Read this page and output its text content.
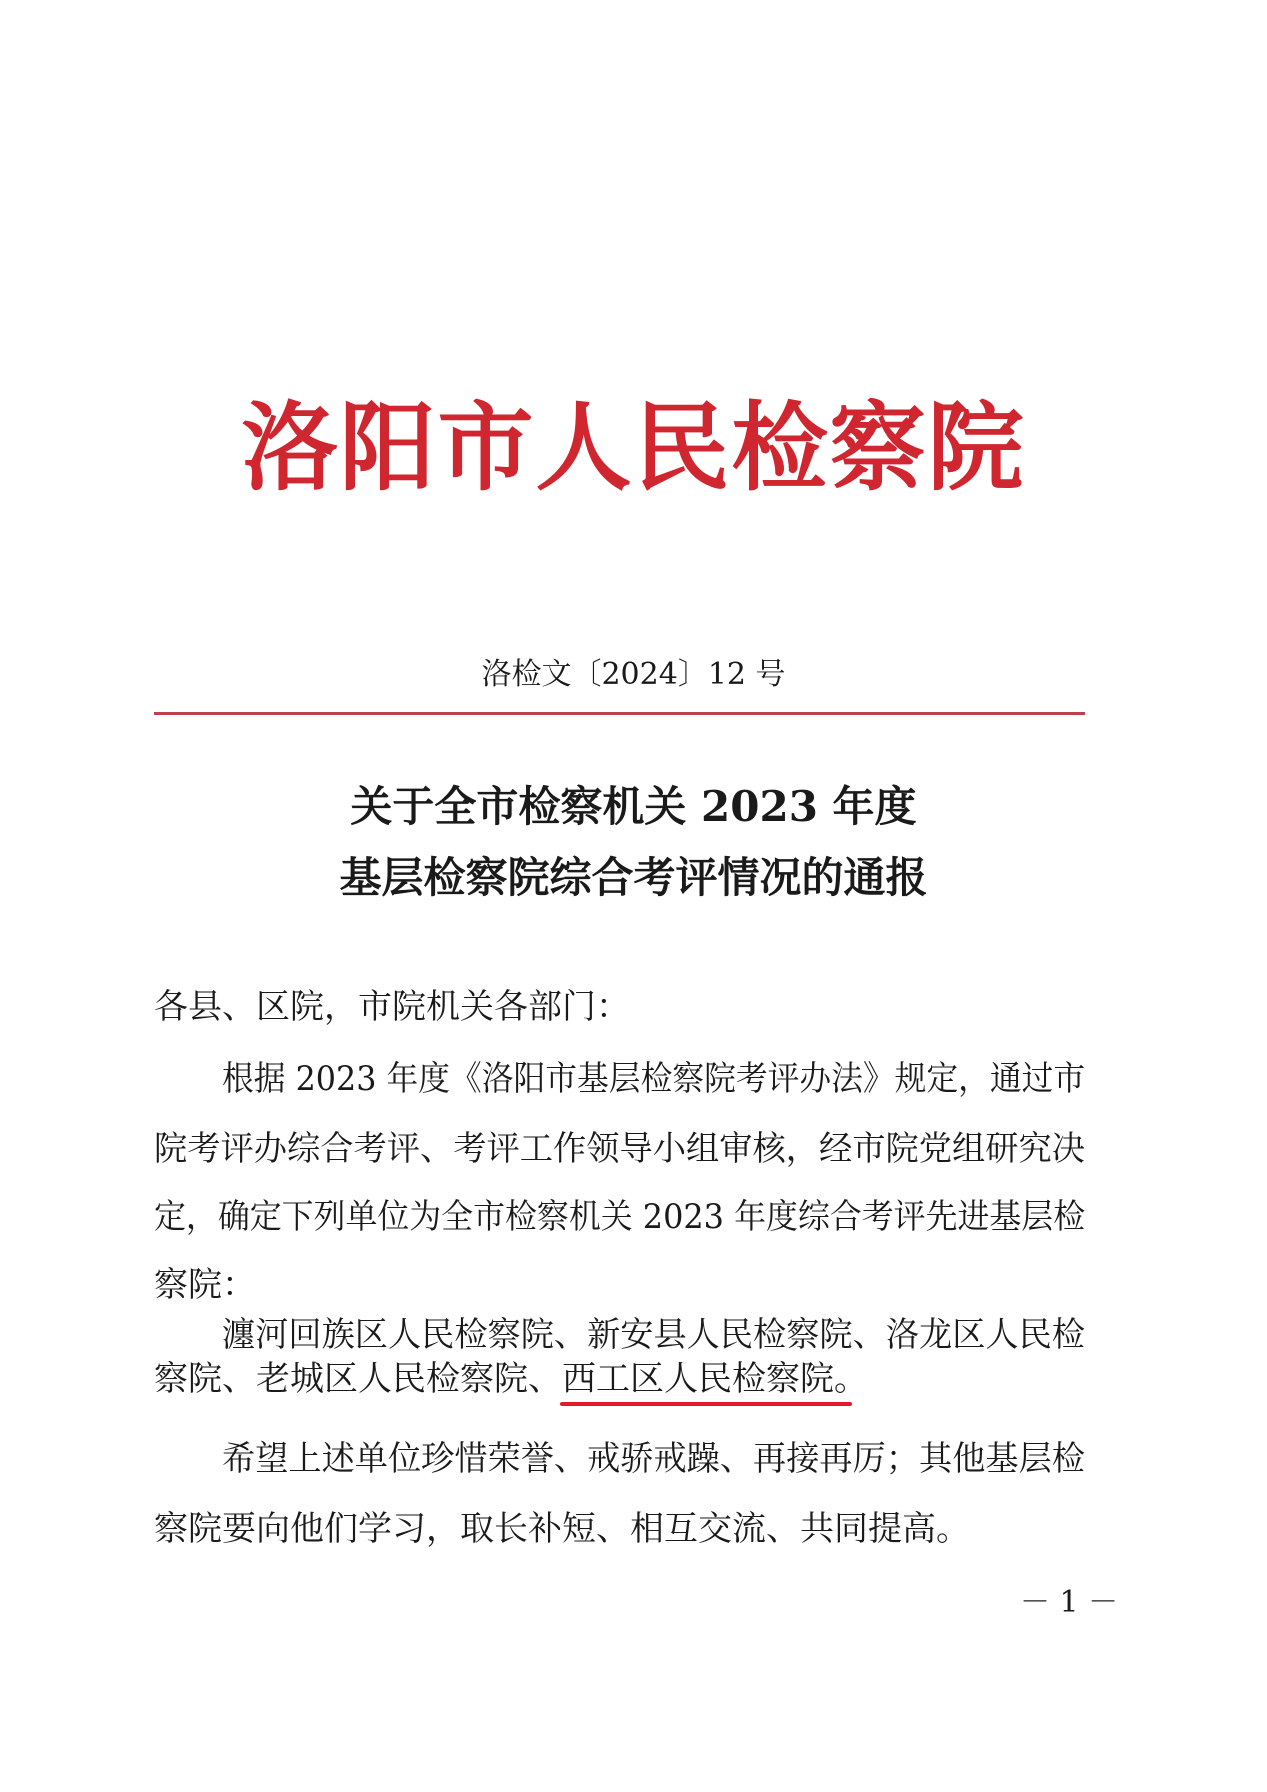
洛阳市人民检察院
洛检文〔2024〕12 号
关于全市检察机关 2023 年度
基层检察院综合考评情况的通报
各县、区院，市院机关各部门：
根据 2023 年度《洛阳市基层检察院考评办法》规定，通过市
院考评办综合考评、考评工作领导小组审核，经市院党组研究决
定，确定下列单位为全市检察机关 2023 年度综合考评先进基层检
察院：
瀍河回族区人民检察院、新安县人民检察院、洛龙区人民检
察院、老城区人民检察院、西工区人民检察院。
希望上述单位珍惜荣誉、戒骄戒躁、再接再厉；其他基层检
察院要向他们学习，取长补短、相互交流、共同提高。
－ 1 －
